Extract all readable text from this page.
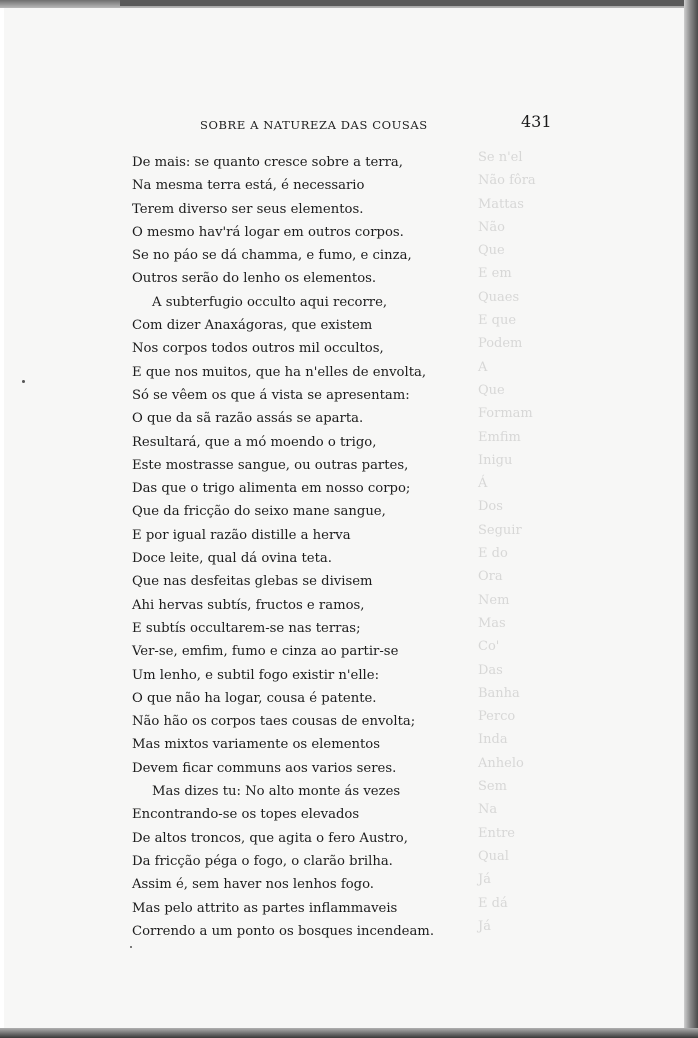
Se n'el
Não fôra
Mattas
Não
Que
E em
Quaes
E que
Podem
A
Que
Formam
Emfim
Inigu
Á
Dos
Seguir
E do
Ora
Nem
Mas
Co'
Das
Banha
Perco
Inda
Anhelo
Sem
Na
Entre
Qual
Já
E dá
Já
SOBRE A NATUREZA DAS COUSAS	431
De mais: se quanto cresce sobre a terra,
Na mesma terra está, é necessario
Terem diverso ser seus elementos.
O mesmo hav'rá logar em outros corpos.
Se no páo se dá chamma, e fumo, e cinza,
Outros serão do lenho os elementos.
A subterfugio occulto aqui recorre,
Com dizer Anaxágoras, que existem
Nos corpos todos outros mil occultos,
E que nos muitos, que ha n'elles de envolta,
Só se vêem os que á vista se apresentam:
O que da sã razão assás se aparta.
Resultará, que a mó moendo o trigo,
Este mostrasse sangue, ou outras partes,
Das que o trigo alimenta em nosso corpo;
Que da fricção do seixo mane sangue,
E por igual razão distille a herva
Doce leite, qual dá ovina teta.
Que nas desfeitas glebas se divisem
Ahi hervas subtís, fructos e ramos,
E subtís occultarem-se nas terras;
Ver-se, emfim, fumo e cinza ao partir-se
Um lenho, e subtil fogo existir n'elle:
O que não ha logar, cousa é patente.
Não hão os corpos taes cousas de envolta;
Mas mixtos variamente os elementos
Devem ficar communs aos varios seres.
Mas dizes tu: No alto monte ás vezes
Encontrando-se os topes elevados
De altos troncos, que agita o fero Austro,
Da fricção péga o fogo, o clarão brilha.
Assim é, sem haver nos lenhos fogo.
Mas pelo attrito as partes inflammaveis
Correndo a um ponto os bosques incendeam.
